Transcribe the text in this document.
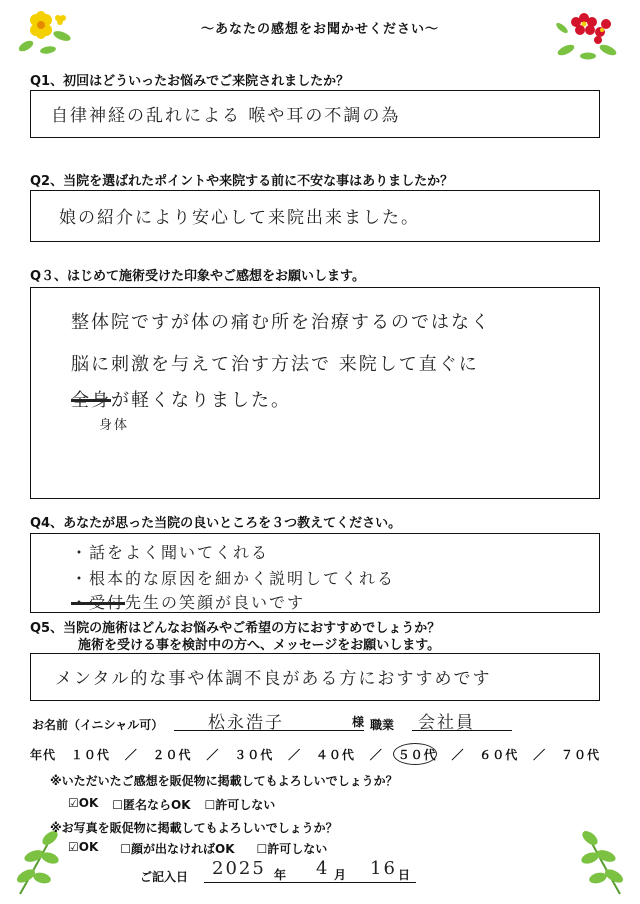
〜あなたの感想をお聞かせください〜
Q1、初回はどういったお悩みでご来院されましたか？
自律神経の乱れによる 喉や耳の不調の為
Q2、当院を選ばれたポイントや来院する前に不安な事はありましたか？
娘の紹介により安心して来院出来ました。
Q３、はじめて施術受けた印象やご感想をお願いします。
整体院ですが体の痛む所を治療するのではなく
脳に刺激を与えて治す方法で 来院して直ぐに
全身が軽くなりました。
身体
Q4、あなたが思った当院の良いところを３つ教えてください。
・話をよく聞いてくれる
・根本的な原因を細かく説明してくれる
・受付先生の笑顔が良いです
Q5、当院の施術はどんなお悩みやご希望の方におすすめでしょうか？
施術を受ける事を検討中の方へ、メッセージをお願いします。
メンタル的な事や体調不良がある方におすすめです
お名前（イニシャル可）	松永浩子	様 職業 会社員
年代 １０代 ／ ２０代 ／ ３０代 ／ ４０代 ／ ５０代 ／ ６０代 ／ ７０代
※いただいたご感想を販促物に掲載してもよろしいでしょうか？
☑OK ☐匿名ならOK ☐許可しない
※お写真を販促物に掲載してもよろしいでしょうか？
☑OK ☐顔が出なければOK ☐許可しない
ご記入日 2025 年 4 月 16 日
